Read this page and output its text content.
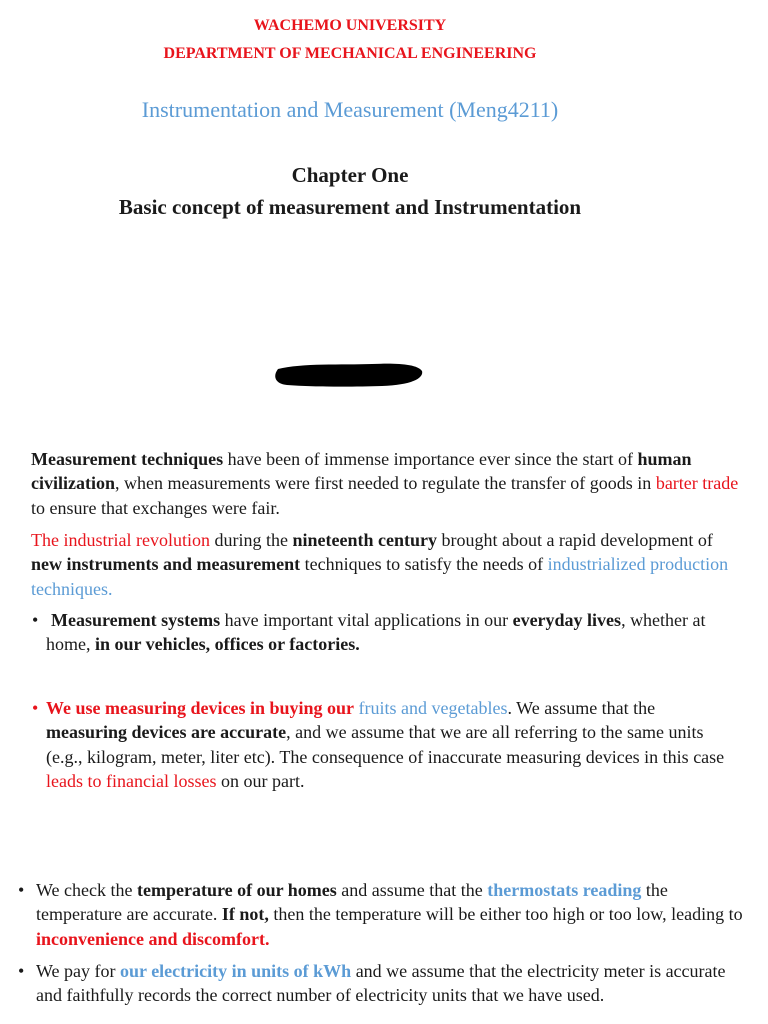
WACHEMO UNIVERSITY
DEPARTMENT OF MECHANICAL ENGINEERING
Instrumentation and Measurement (Meng4211)
Chapter One
Basic concept of measurement and Instrumentation

Measurement techniques have been of immense importance ever since the start of human civilization, when measurements were first needed to regulate the transfer of goods in barter trade to ensure that exchanges were fair.

The industrial revolution during the nineteenth century brought about a rapid development of new instruments and measurement techniques to satisfy the needs of industrialized production techniques.

• Measurement systems have important vital applications in our everyday lives, whether at home, in our vehicles, offices or factories.
• We use measuring devices in buying our fruits and vegetables. We assume that the measuring devices are accurate, and we assume that we are all referring to the same units (e.g., kilogram, meter, liter etc). The consequence of inaccurate measuring devices in this case leads to financial losses on our part.
• We check the temperature of our homes and assume that the thermostats reading the temperature are accurate. If not, then the temperature will be either too high or too low, leading to inconvenience and discomfort.
• We pay for our electricity in units of kWh and we assume that the electricity meter is accurate and faithfully records the correct number of electricity units that we have used.
